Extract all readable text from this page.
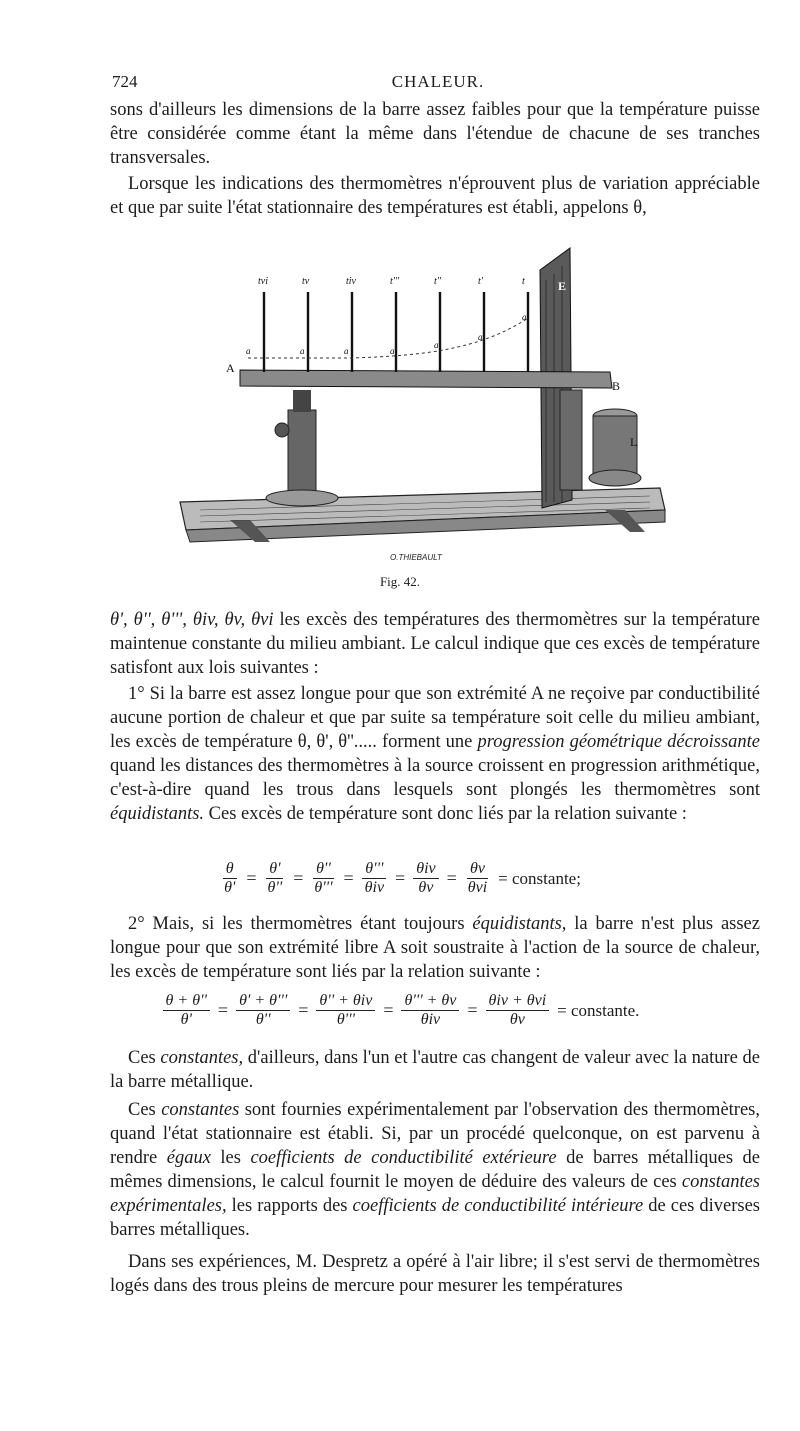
724	CHALEUR.
sons d'ailleurs les dimensions de la barre assez faibles pour que la température puisse être considérée comme étant la même dans l'étendue de chacune de ses tranches transversales.
Lorsque les indications des thermomètres n'éprouvent plus de variation appréciable et que par suite l'état stationnaire des températures est établi, appelons θ,
E
L
A
B
tvi	tv	tiv	t'''	t''	t'	t
a	a	a	a
a
a
a
O.THIEBAULT
Fig. 42.
θ', θ'', θ''', θiv, θv, θvi les excès des températures des thermomètres sur la température maintenue constante du milieu ambiant. Le calcul indique que ces excès de température satisfont aux lois suivantes :
1° Si la barre est assez longue pour que son extrémité A ne reçoive par conductibilité aucune portion de chaleur et que par suite sa température soit celle du milieu ambiant, les excès de température θ, θ', θ''..... forment une progression géométrique décroissante quand les distances des thermomètres à la source croissent en progression arithmétique, c'est-à-dire quand les trous dans lesquels sont plongés les thermomètres sont équidistants. Ces excès de température sont donc liés par la relation suivante :
$\frac{\theta}{\theta'} = \frac{\theta'}{\theta''} = \frac{\theta''}{\theta'''} = \frac{\theta'''}{\text{θiv}} = \frac{\text{θiv}}{\theta v} = \frac{\theta v}{\text{θvi}}$ = constante;
2° Mais, si les thermomètres étant toujours équidistants, la barre n'est plus assez longue pour que son extrémité libre A soit soustraite à l'action de la source de chaleur, les excès de température sont liés par la relation suivante :
$\frac{\theta + \theta''}{\theta'} = \frac{\theta' + \theta'''}{\theta''} = \frac{\text{θ'' + θiv}}{\theta'''} = \frac{\theta''' + \theta v}{\text{θiv}} = \frac{\text{θiv + θvi}}{\theta v}$ = constante.
Ces constantes, d'ailleurs, dans l'un et l'autre cas changent de valeur avec la nature de la barre métallique.
Ces constantes sont fournies expérimentalement par l'observation des thermomètres, quand l'état stationnaire est établi. Si, par un procédé quelconque, on est parvenu à rendre égaux les coefficients de conductibilité extérieure de barres métalliques de mêmes dimensions, le calcul fournit le moyen de déduire des valeurs de ces constantes expérimentales, les rapports des coefficients de conductibilité intérieure de ces diverses barres métalliques.
Dans ses expériences, M. Despretz a opéré à l'air libre; il s'est servi de thermomètres logés dans des trous pleins de mercure pour mesurer les températures
